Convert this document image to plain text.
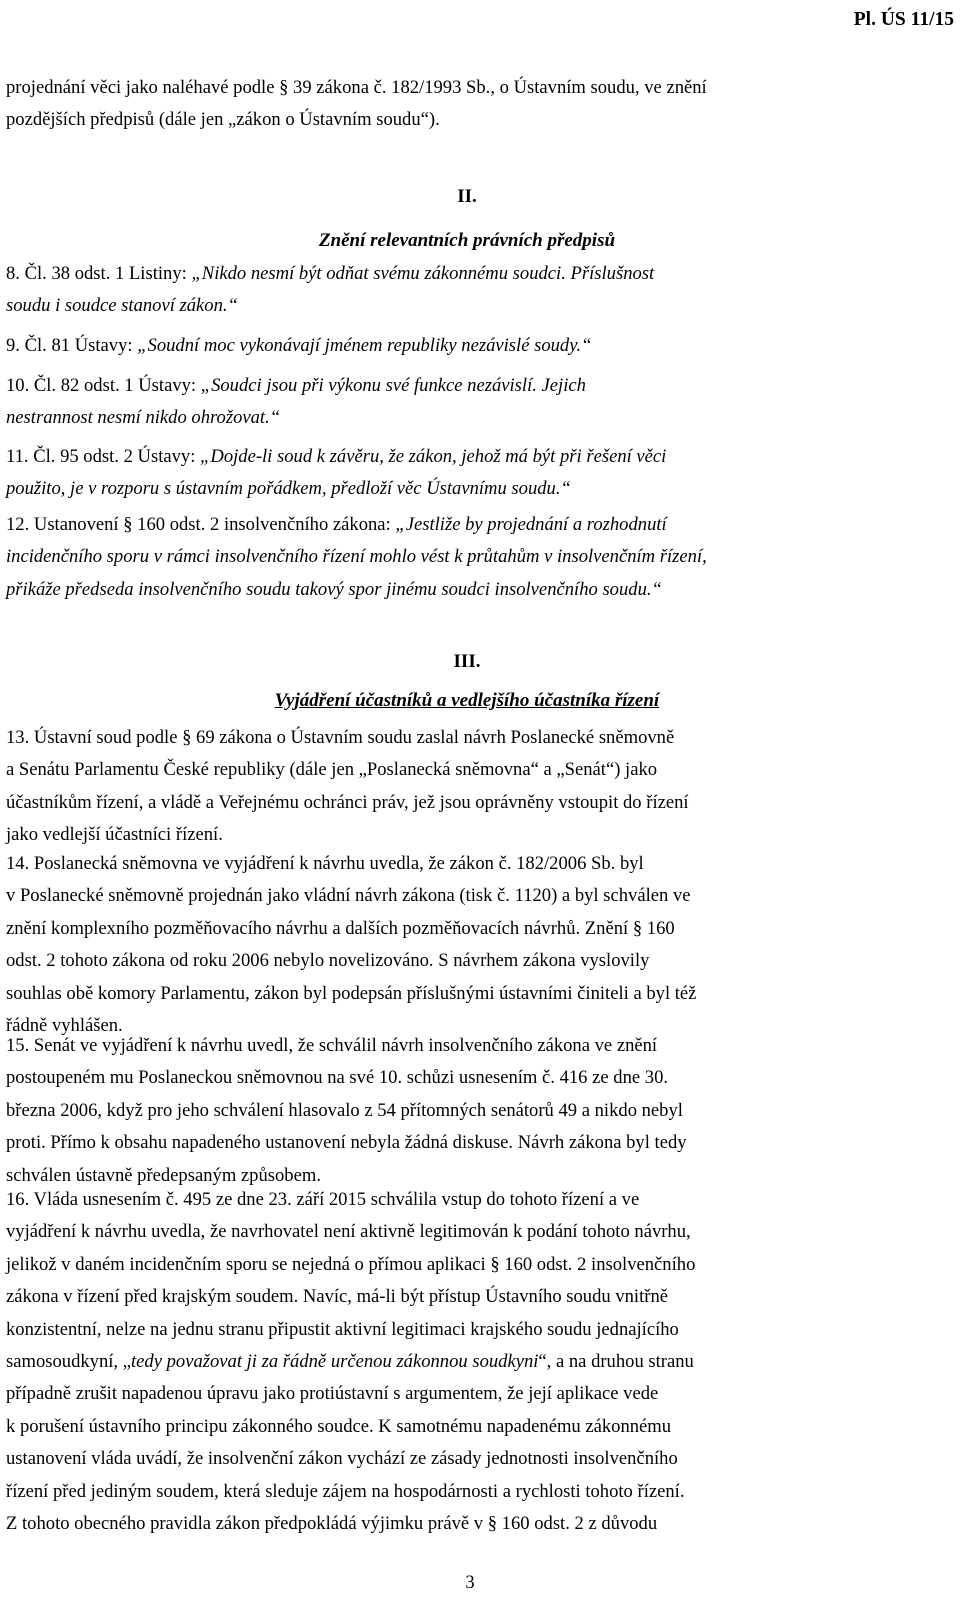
Pl. ÚS 11/15
projednání věci jako naléhavé podle § 39 zákona č. 182/1993 Sb., o Ústavním soudu, ve znění
pozdějších předpisů (dále jen „zákon o Ústavním soudu“).
II.
Znění relevantních právních předpisů
8. Čl. 38 odst. 1 Listiny: „Nikdo nesmí být odňat svému zákonnému soudci. Příslušnost
soudu i soudce stanoví zákon.“
9. Čl. 81 Ústavy: „Soudní moc vykonávají jménem republiky nezávislé soudy.“
10. Čl. 82 odst. 1 Ústavy: „Soudci jsou při výkonu své funkce nezávislí. Jejich
nestrannost nesmí nikdo ohrožovat.“
11. Čl. 95 odst. 2 Ústavy: „Dojde-li soud k závěru, že zákon, jehož má být při řešení věci
použito, je v rozporu s ústavním pořádkem, předloží věc Ústavnímu soudu.“
12. Ustanovení § 160 odst. 2 insolvenčního zákona: „Jestliže by projednání a rozhodnutí
incidenčního sporu v rámci insolvenčního řízení mohlo vést k průtahům v insolvenčním řízení,
přikáže předseda insolvenčního soudu takový spor jinému soudci insolvenčního soudu.“
III.
Vyjádření účastníků a vedlejšího účastníka řízení
13. Ústavní soud podle § 69 zákona o Ústavním soudu zaslal návrh Poslanecké sněmovně
a Senátu Parlamentu České republiky (dále jen „Poslanecká sněmovna“ a „Senát“) jako
účastníkům řízení, a vládě a Veřejnému ochránci práv, jež jsou oprávněny vstoupit do řízení
jako vedlejší účastníci řízení.
14. Poslanecká sněmovna ve vyjádření k návrhu uvedla, že zákon č. 182/2006 Sb. byl
v Poslanecké sněmovně projednán jako vládní návrh zákona (tisk č. 1120) a byl schválen ve
znění komplexního pozměňovacího návrhu a dalších pozměňovacích návrhů. Znění § 160
odst. 2 tohoto zákona od roku 2006 nebylo novelizováno. S návrhem zákona vyslovily
souhlas obě komory Parlamentu, zákon byl podepsán příslušnými ústavními činiteli a byl též
řádně vyhlášen.
15. Senát ve vyjádření k návrhu uvedl, že schválil návrh insolvenčního zákona ve znění
postoupeném mu Poslaneckou sněmovnou na své 10. schůzi usnesením č. 416 ze dne 30.
března 2006, když pro jeho schválení hlasovalo z 54 přítomných senátorů 49 a nikdo nebyl
proti. Přímo k obsahu napadeného ustanovení nebyla žádná diskuse. Návrh zákona byl tedy
schválen ústavně předepsaným způsobem.
16. Vláda usnesením č. 495 ze dne 23. září 2015 schválila vstup do tohoto řízení a ve
vyjádření k návrhu uvedla, že navrhovatel není aktivně legitimován k podání tohoto návrhu,
jelikož v daném incidenčním sporu se nejedná o přímou aplikaci § 160 odst. 2 insolvenčního
zákona v řízení před krajským soudem. Navíc, má-li být přístup Ústavního soudu vnitřně
konzistentní, nelze na jednu stranu připustit aktivní legitimaci krajského soudu jednajícího
samosoudkyní, „tedy považovat ji za řádně určenou zákonnou soudkyni“, a na druhou stranu
případně zrušit napadenou úpravu jako protiústavní s argumentem, že její aplikace vede
k porušení ústavního principu zákonného soudce. K samotnému napadenému zákonnému
ustanovení vláda uvádí, že insolvenční zákon vychází ze zásady jednotnosti insolvenčního
řízení před jediným soudem, která sleduje zájem na hospodárnosti a rychlosti tohoto řízení.
Z tohoto obecného pravidla zákon předpokládá výjimku právě v § 160 odst. 2 z důvodu
3
